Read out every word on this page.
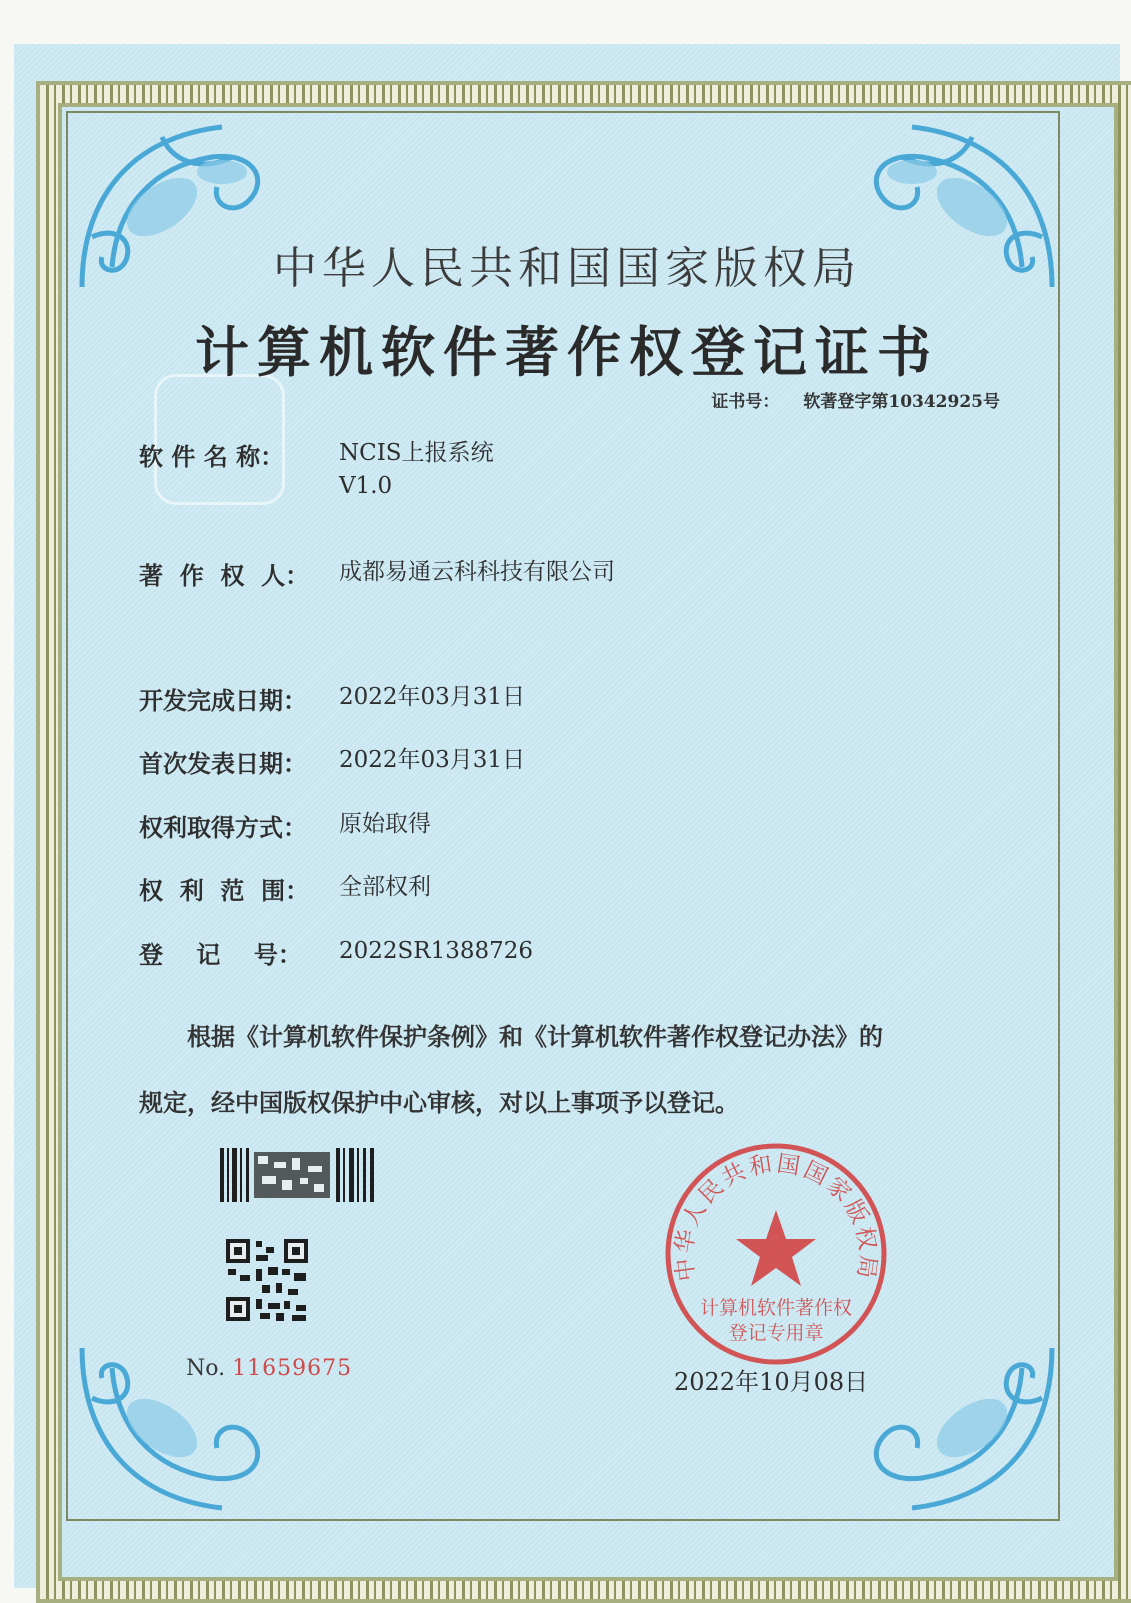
中华人民共和国国家版权局
计算机软件著作权登记证书
证书号： 软著登字第10342925号
软 件 名 称：	NCIS上报系统
V1.0
著  作  权  人：	成都易通云科科技有限公司
开发完成日期：	2022年03月31日
首次发表日期：	2022年03月31日
权利取得方式：	原始取得
权  利  范  围：	全部权利
登    记    号：	2022SR1388726
根据《计算机软件保护条例》和《计算机软件著作权登记办法》的
规定，经中国版权保护中心审核，对以上事项予以登记。
No. 11659675
中华人民共和国国家版权局
计算机软件著作权
登记专用章
2022年10月08日
